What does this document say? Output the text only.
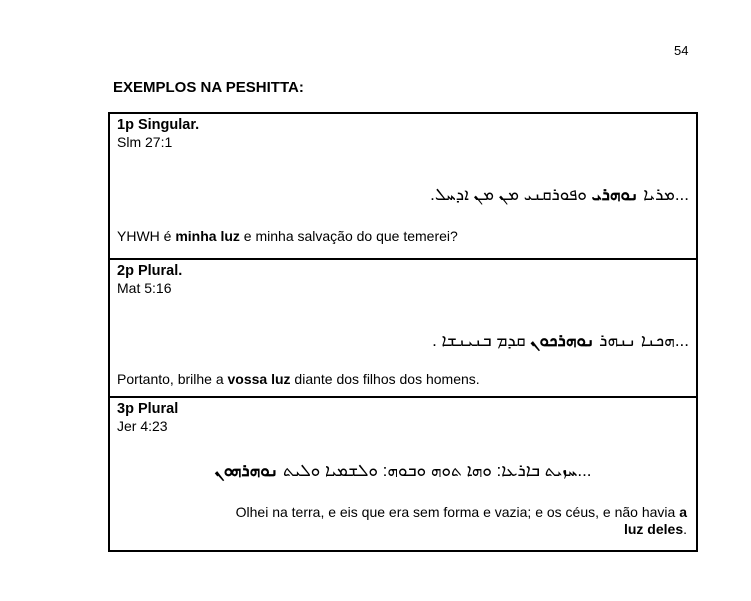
54
EXEMPLOS NA PESHITTA:
1p Singular.
Slm 27:1
...ܡܪܝܐ ܢܘܗܪܝ ܘܦܘܪܩܢܝ ܡܢ ܡܢ ܐܕܚܠ.
YHWH é minha luz e minha salvação do que temerei?
2p Plural.
Mat 5:16
...ܗܟܢܐ ܢܢܗܪ ܢܘܗܪܟܘܢ ܩܕܡ ܒܢܝܢܫܐ .
Portanto, brilhe a vossa luz diante dos filhos dos homens.
3p Plural
Jer 4:23
...ܚܙܝܬ ܒܐܪܥܐ: ܘܗܐ ܬܘܗ ܘܒܘܗ: ܘܠܫܡܝܐ ܘܠܝܬ ܢܘܗܪܗܘܢ
Olhei na terra, e eis que era sem forma e vazia; e os céus, e não havia a
luz deles.
